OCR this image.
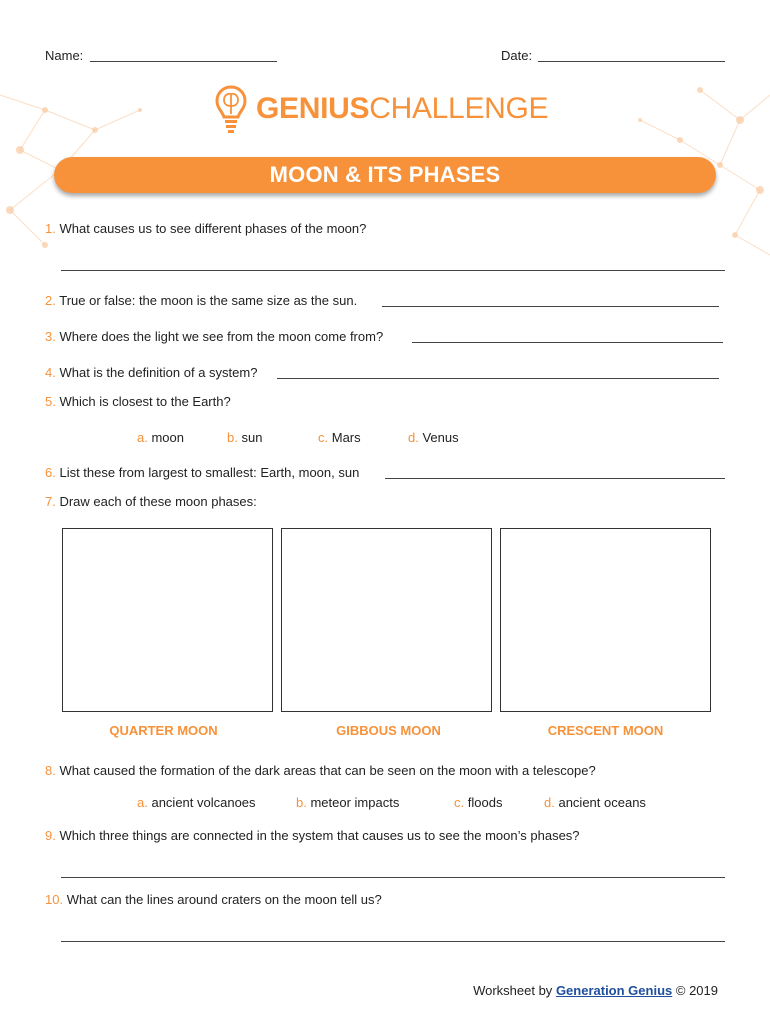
Name:	Date:
GENIUSCHALLENGE
MOON & ITS PHASES
1. What causes us to see different phases of the moon?
2. True or false: the moon is the same size as the sun.
3. Where does the light we see from the moon come from?
4. What is the definition of a system?
5. Which is closest to the Earth?
a. moon	b. sun	c. Mars	d. Venus
6. List these from largest to smallest: Earth, moon, sun
7. Draw each of these moon phases:
QUARTER MOON	GIBBOUS MOON	CRESCENT MOON
8. What caused the formation of the dark areas that can be seen on the moon with a telescope?
a. ancient volcanoes	b. meteor impacts	c. floods	d. ancient oceans
9. Which three things are connected in the system that causes us to see the moon’s phases?
10. What can the lines around craters on the moon tell us?
Worksheet by Generation Genius © 2019
